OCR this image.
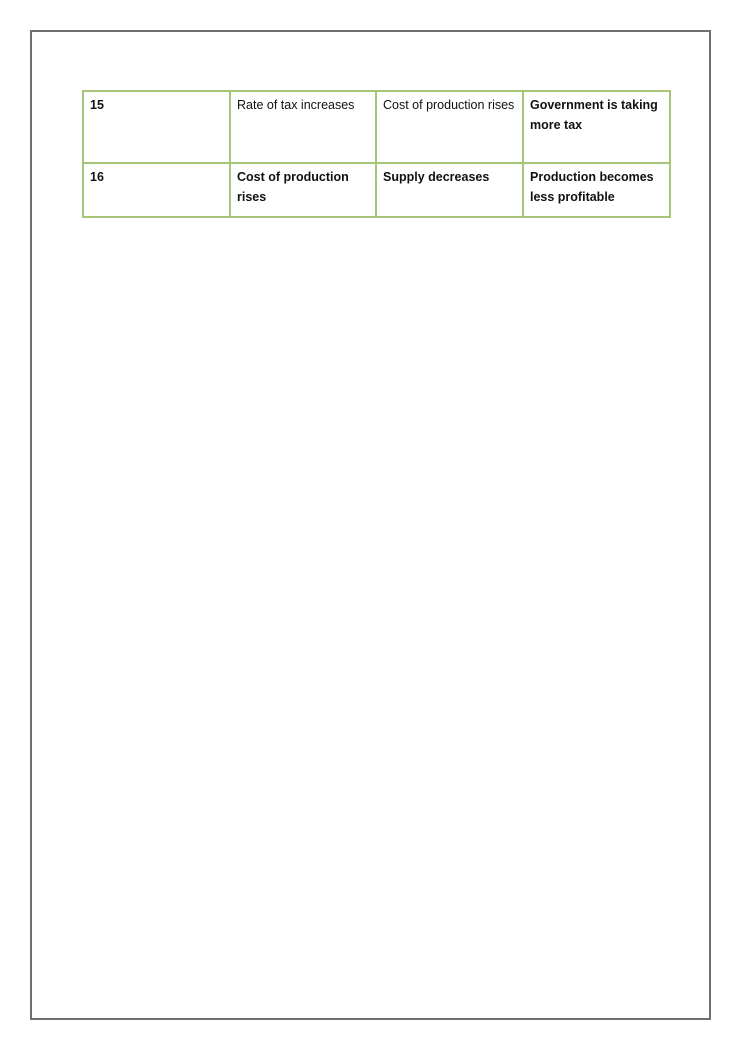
15	Rate of tax increases	Cost of production rises	Government is taking more tax
16	Cost of production rises	Supply decreases	Production becomes less profitable
